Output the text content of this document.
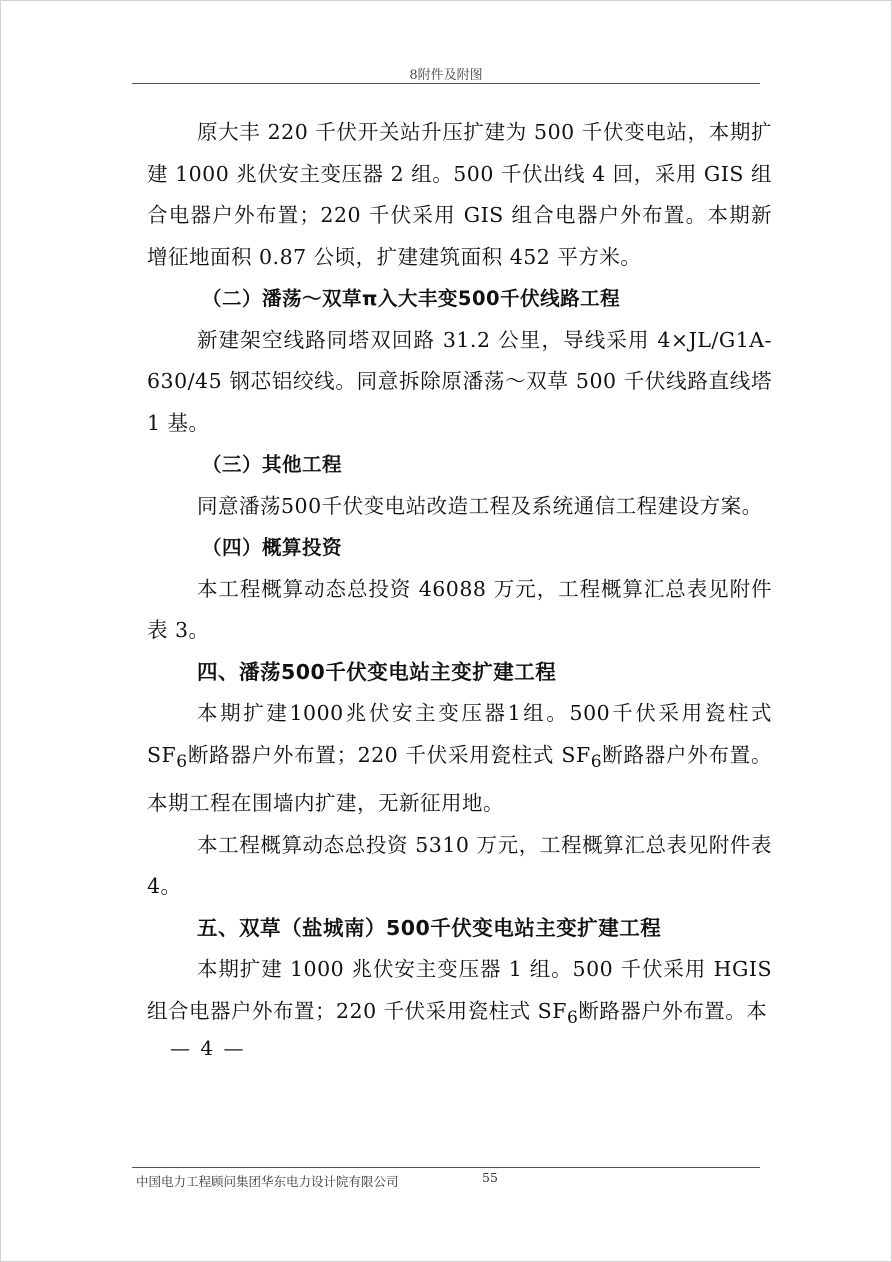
8附件及附图

原大丰 220 千伏开关站升压扩建为 500 千伏变电站，本期扩建 1000 兆伏安主变压器 2 组。500 千伏出线 4 回，采用 GIS 组合电器户外布置；220 千伏采用 GIS 组合电器户外布置。本期新增征地面积 0.87 公顷，扩建建筑面积 452 平方米。

（二）潘荡～双草π入大丰变500千伏线路工程

新建架空线路同塔双回路 31.2 公里，导线采用 4×JL/G1A-630/45 钢芯铝绞线。同意拆除原潘荡～双草 500 千伏线路直线塔 1 基。

（三）其他工程

同意潘荡500千伏变电站改造工程及系统通信工程建设方案。

（四）概算投资

本工程概算动态总投资 46088 万元，工程概算汇总表见附件表 3。

四、潘荡500千伏变电站主变扩建工程

本期扩建1000兆伏安主变压器1组。500千伏采用瓷柱式 $SF_6$断路器户外布置；220 千伏采用瓷柱式 $SF_6$断路器户外布置。本期工程在围墙内扩建，无新征用地。

本工程概算动态总投资 5310 万元，工程概算汇总表见附件表 4。

五、双草（盐城南）500千伏变电站主变扩建工程

本期扩建 1000 兆伏安主变压器 1 组。500 千伏采用 HGIS 组合电器户外布置；220 千伏采用瓷柱式 $SF_6$断路器户外布置。本

— 4 —
中国电力工程顾问集团华东电力设计院有限公司	55
